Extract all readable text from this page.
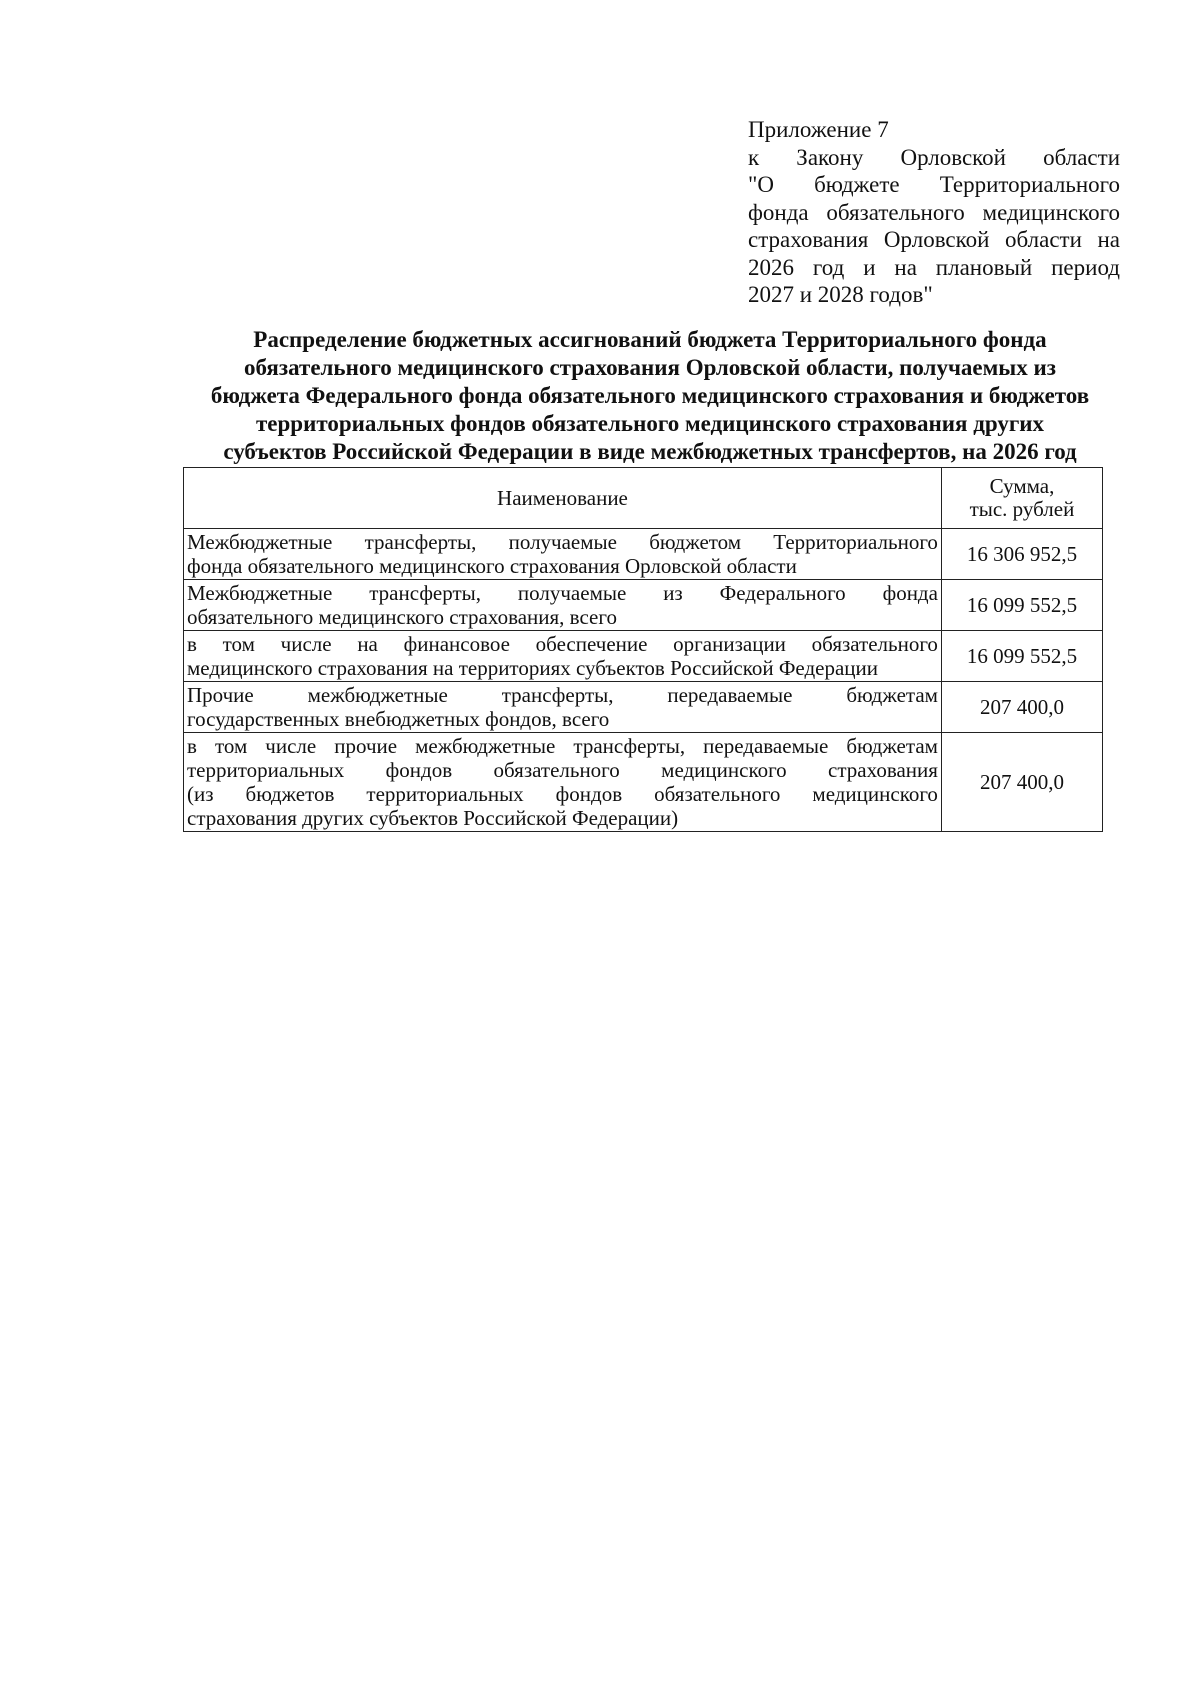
Приложение 7
к Закону Орловской области
"О бюджете Территориального
фонда обязательного медицинского
страхования Орловской области на
2026 год и на плановый период
2027 и 2028 годов"
Распределение бюджетных ассигнований бюджета Территориального фонда
обязательного медицинского страхования Орловской области, получаемых из
бюджета Федерального фонда обязательного медицинского страхования и бюджетов
территориальных фондов обязательного медицинского страхования других
субъектов Российской Федерации в виде межбюджетных трансфертов, на 2026 год
Наименование	Сумма,
тыс. рублей

Межбюджетные трансферты, получаемые бюджетом Территориального
фонда обязательного медицинского страхования Орловской области	16 306 952,5

Межбюджетные трансферты, получаемые из Федерального фонда
обязательного медицинского страхования, всего	16 099 552,5

в том числе на финансовое обеспечение организации обязательного
медицинского страхования на территориях субъектов Российской Федерации	16 099 552,5

Прочие межбюджетные трансферты, передаваемые бюджетам
государственных внебюджетных фондов, всего	207 400,0

в том числе прочие межбюджетные трансферты, передаваемые бюджетам
территориальных фондов обязательного медицинского страхования
(из бюджетов территориальных фондов обязательного медицинского
страхования других субъектов Российской Федерации)	207 400,0
